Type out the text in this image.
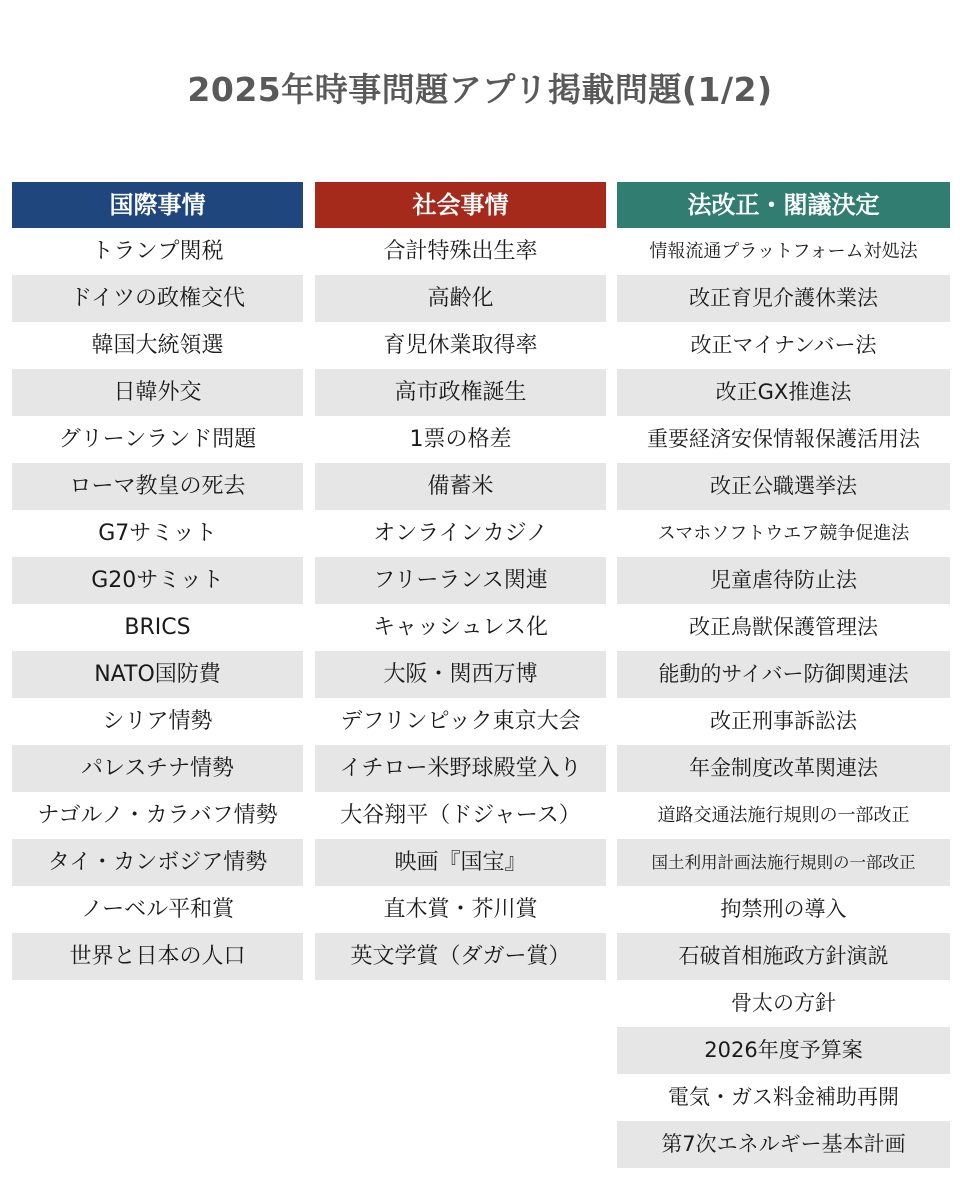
2025年時事問題アプリ掲載問題(1/2)
国際事情
トランプ関税
ドイツの政権交代
韓国大統領選
日韓外交
グリーンランド問題
ローマ教皇の死去
G7サミット
G20サミット
BRICS
NATO国防費
シリア情勢
パレスチナ情勢
ナゴルノ・カラバフ情勢
タイ・カンボジア情勢
ノーベル平和賞
世界と日本の人口
社会事情
合計特殊出生率
高齢化
育児休業取得率
高市政権誕生
1票の格差
備蓄米
オンラインカジノ
フリーランス関連
キャッシュレス化
大阪・関西万博
デフリンピック東京大会
イチロー米野球殿堂入り
大谷翔平（ドジャース）
映画『国宝』
直木賞・芥川賞
英文学賞（ダガー賞）
法改正・閣議決定
情報流通プラットフォーム対処法
改正育児介護休業法
改正マイナンバー法
改正GX推進法
重要経済安保情報保護活用法
改正公職選挙法
スマホソフトウエア競争促進法
児童虐待防止法
改正鳥獣保護管理法
能動的サイバー防御関連法
改正刑事訴訟法
年金制度改革関連法
道路交通法施行規則の一部改正
国土利用計画法施行規則の一部改正
拘禁刑の導入
石破首相施政方針演説
骨太の方針
2026年度予算案
電気・ガス料金補助再開
第7次エネルギー基本計画
